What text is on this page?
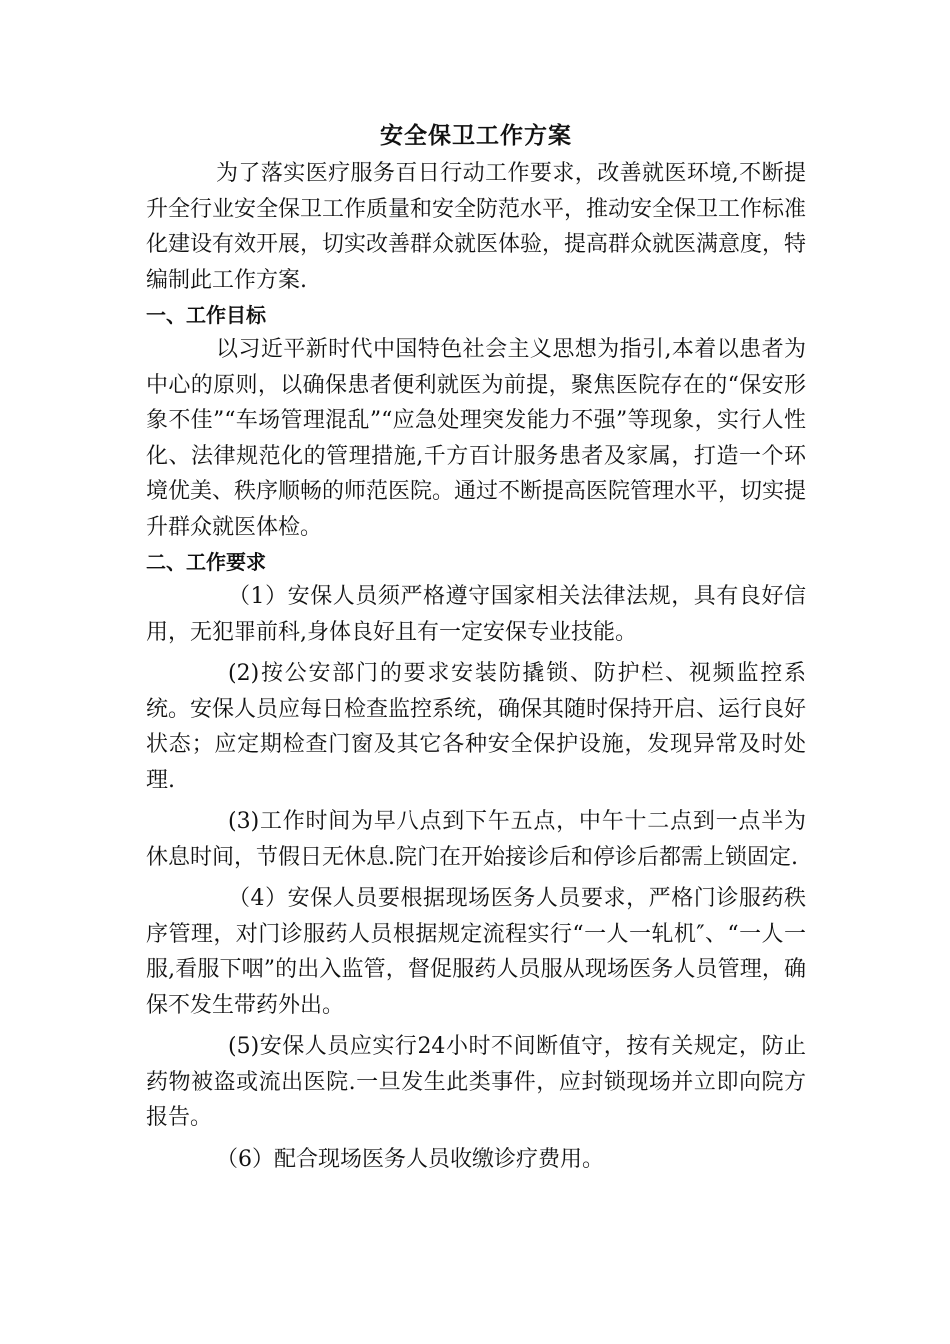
安全保卫工作方案

为了落实医疗服务百日行动工作要求，改善就医环境,不断提升全行业安全保卫工作质量和安全防范水平，推动安全保卫工作标准化建设有效开展，切实改善群众就医体验，提高群众就医满意度，特编制此工作方案.

一、工作目标

以习近平新时代中国特色社会主义思想为指引,本着以患者为中心的原则，以确保患者便利就医为前提，聚焦医院存在的“保安形象不佳”“车场管理混乱”“应急处理突发能力不强”等现象，实行人性化、法律规范化的管理措施,千方百计服务患者及家属，打造一个环境优美、秩序顺畅的师范医院。通过不断提高医院管理水平，切实提升群众就医体检。

二、工作要求

（1）安保人员须严格遵守国家相关法律法规，具有良好信用，无犯罪前科,身体良好且有一定安保专业技能。

(2)按公安部门的要求安装防撬锁、防护栏、视频监控系统。安保人员应每日检查监控系统，确保其随时保持开启、运行良好状态；应定期检查门窗及其它各种安全保护设施，发现异常及时处理.

(3)工作时间为早八点到下午五点，中午十二点到一点半为休息时间，节假日无休息.院门在开始接诊后和停诊后都需上锁固定.

（4）安保人员要根据现场医务人员要求，严格门诊服药秩序管理，对门诊服药人员根据规定流程实行“一人一轧机″、“一人一服,看服下咽”的出入监管，督促服药人员服从现场医务人员管理，确保不发生带药外出。

(5)安保人员应实行24小时不间断值守，按有关规定，防止药物被盗或流出医院.一旦发生此类事件，应封锁现场并立即向院方报告。

（6）配合现场医务人员收缴诊疗费用。
